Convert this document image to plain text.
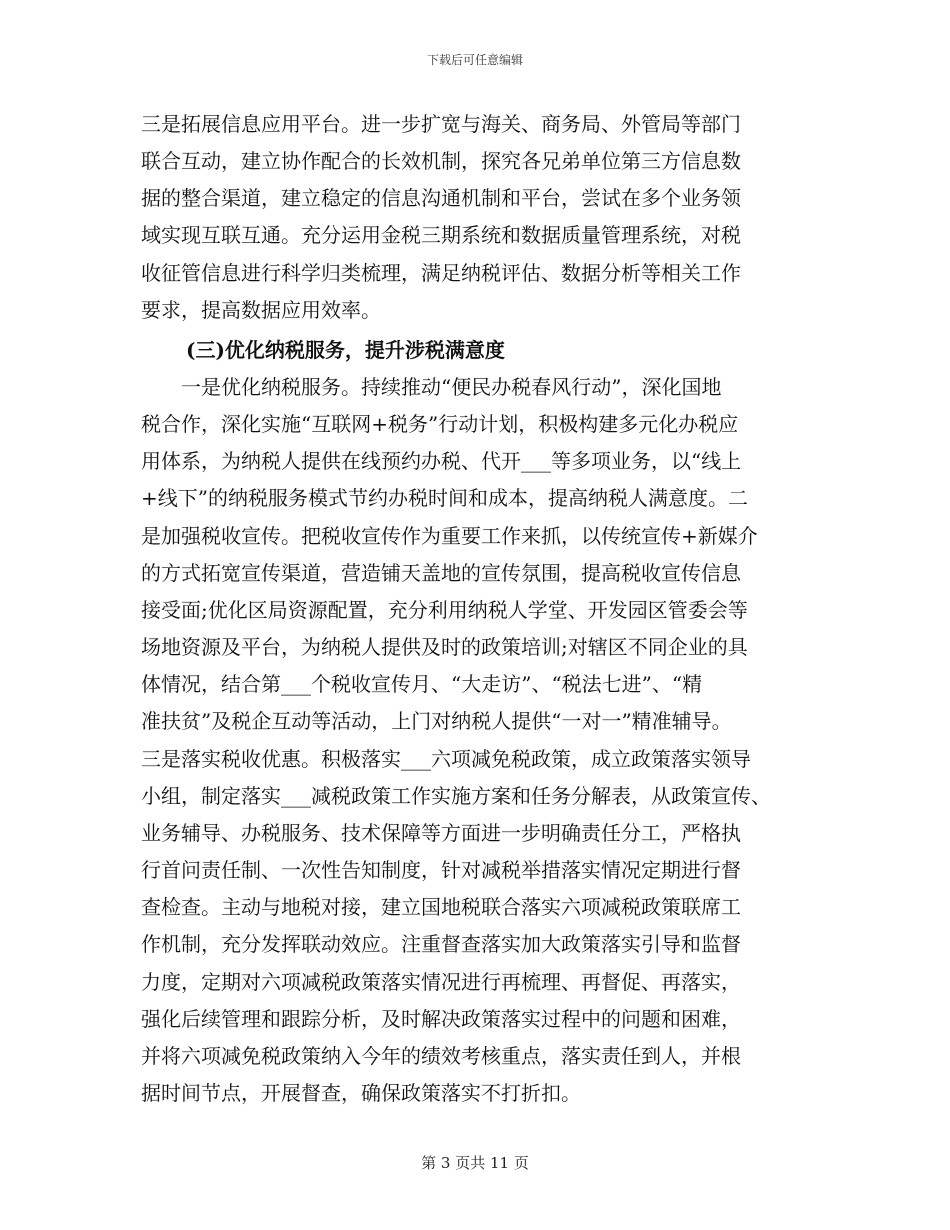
下载后可任意编辑
三是拓展信息应用平台。进一步扩宽与海关、商务局、外管局等部门
联合互动，建立协作配合的长效机制，探究各兄弟单位第三方信息数
据的整合渠道，建立稳定的信息沟通机制和平台，尝试在多个业务领
域实现互联互通。充分运用金税三期系统和数据质量管理系统，对税
收征管信息进行科学归类梳理，满足纳税评估、数据分析等相关工作
要求，提高数据应用效率。
(三)优化纳税服务，提升涉税满意度
一是优化纳税服务。持续推动“便民办税春风行动”，深化国地
税合作，深化实施“互联网+税务”行动计划，积极构建多元化办税应
用体系，为纳税人提供在线预约办税、代开___等多项业务，以“线上
+线下”的纳税服务模式节约办税时间和成本，提高纳税人满意度。二
是加强税收宣传。把税收宣传作为重要工作来抓，以传统宣传+新媒介
的方式拓宽宣传渠道，营造铺天盖地的宣传氛围，提高税收宣传信息
接受面;优化区局资源配置，充分利用纳税人学堂、开发园区管委会等
场地资源及平台，为纳税人提供及时的政策培训;对辖区不同企业的具
体情况，结合第___个税收宣传月、“大走访”、“税法七进”、“精
准扶贫”及税企互动等活动，上门对纳税人提供“一对一”精准辅导。
三是落实税收优惠。积极落实___六项减免税政策，成立政策落实领导
小组，制定落实___减税政策工作实施方案和任务分解表，从政策宣传、
业务辅导、办税服务、技术保障等方面进一步明确责任分工，严格执
行首问责任制、一次性告知制度，针对减税举措落实情况定期进行督
查检查。主动与地税对接，建立国地税联合落实六项减税政策联席工
作机制，充分发挥联动效应。注重督查落实加大政策落实引导和监督
力度，定期对六项减税政策落实情况进行再梳理、再督促、再落实，
强化后续管理和跟踪分析，及时解决政策落实过程中的问题和困难，
并将六项减免税政策纳入今年的绩效考核重点，落实责任到人，并根
据时间节点，开展督查，确保政策落实不打折扣。
第 3 页共 11 页
